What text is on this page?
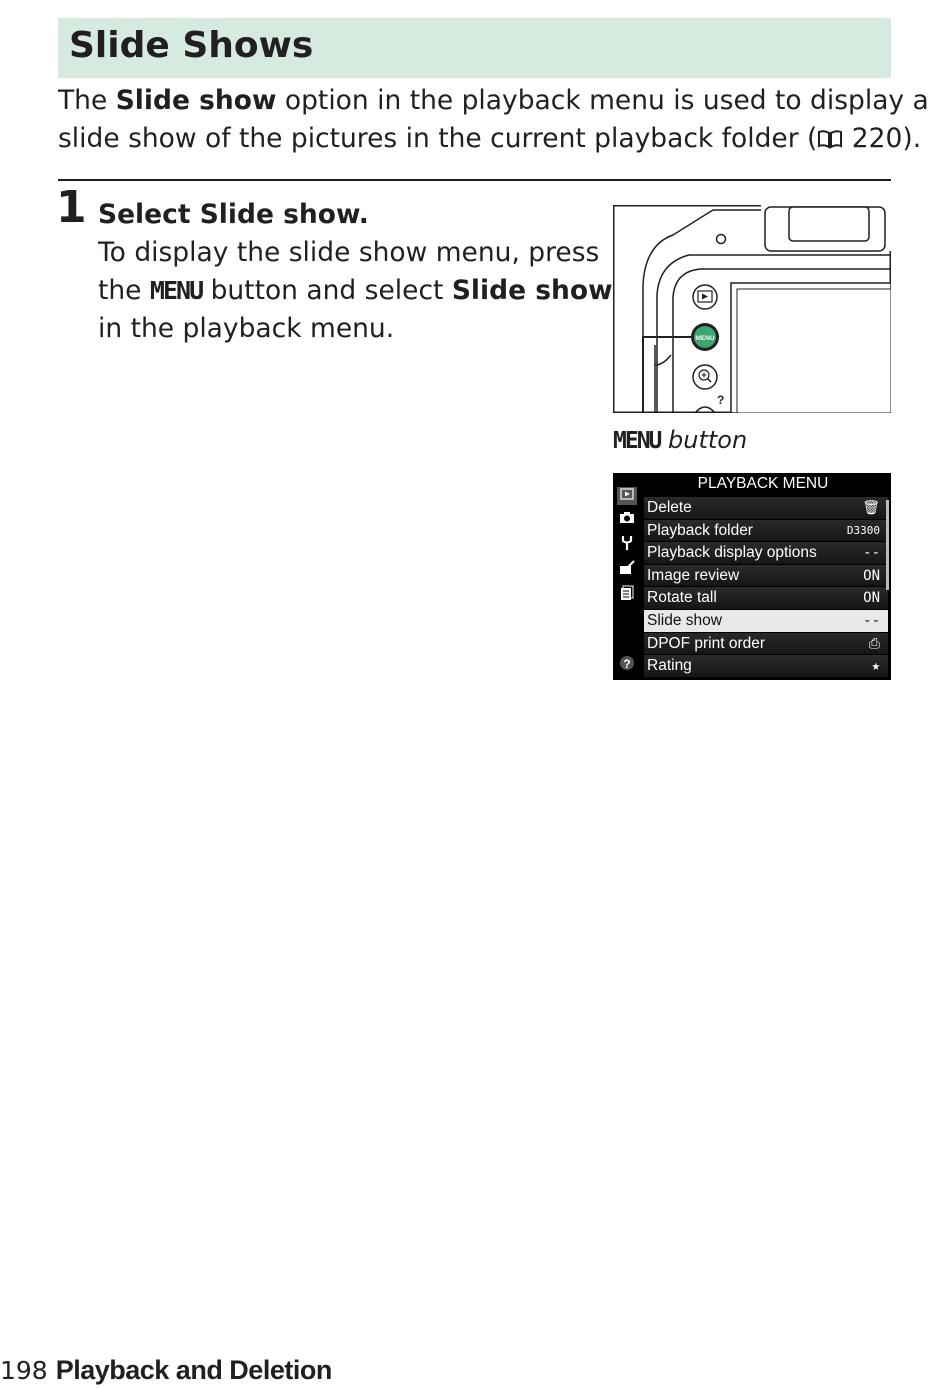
Slide Shows
The Slide show option in the playback menu is used to display a
slide show of the pictures in the current playback folder ( 220).
1 Select Slide show.
To display the slide show menu, press
the MENU button and select Slide show
in the playback menu.	MENU
?
MENU button
PLAYBACK MENU
?
Delete	🗑
Playback folder	D3300
Playback display options	--
Image review	ON
Rotate tall	ON
Slide show	--
DPOF print order	⎙
Rating	★
198 Playback and Deletion
